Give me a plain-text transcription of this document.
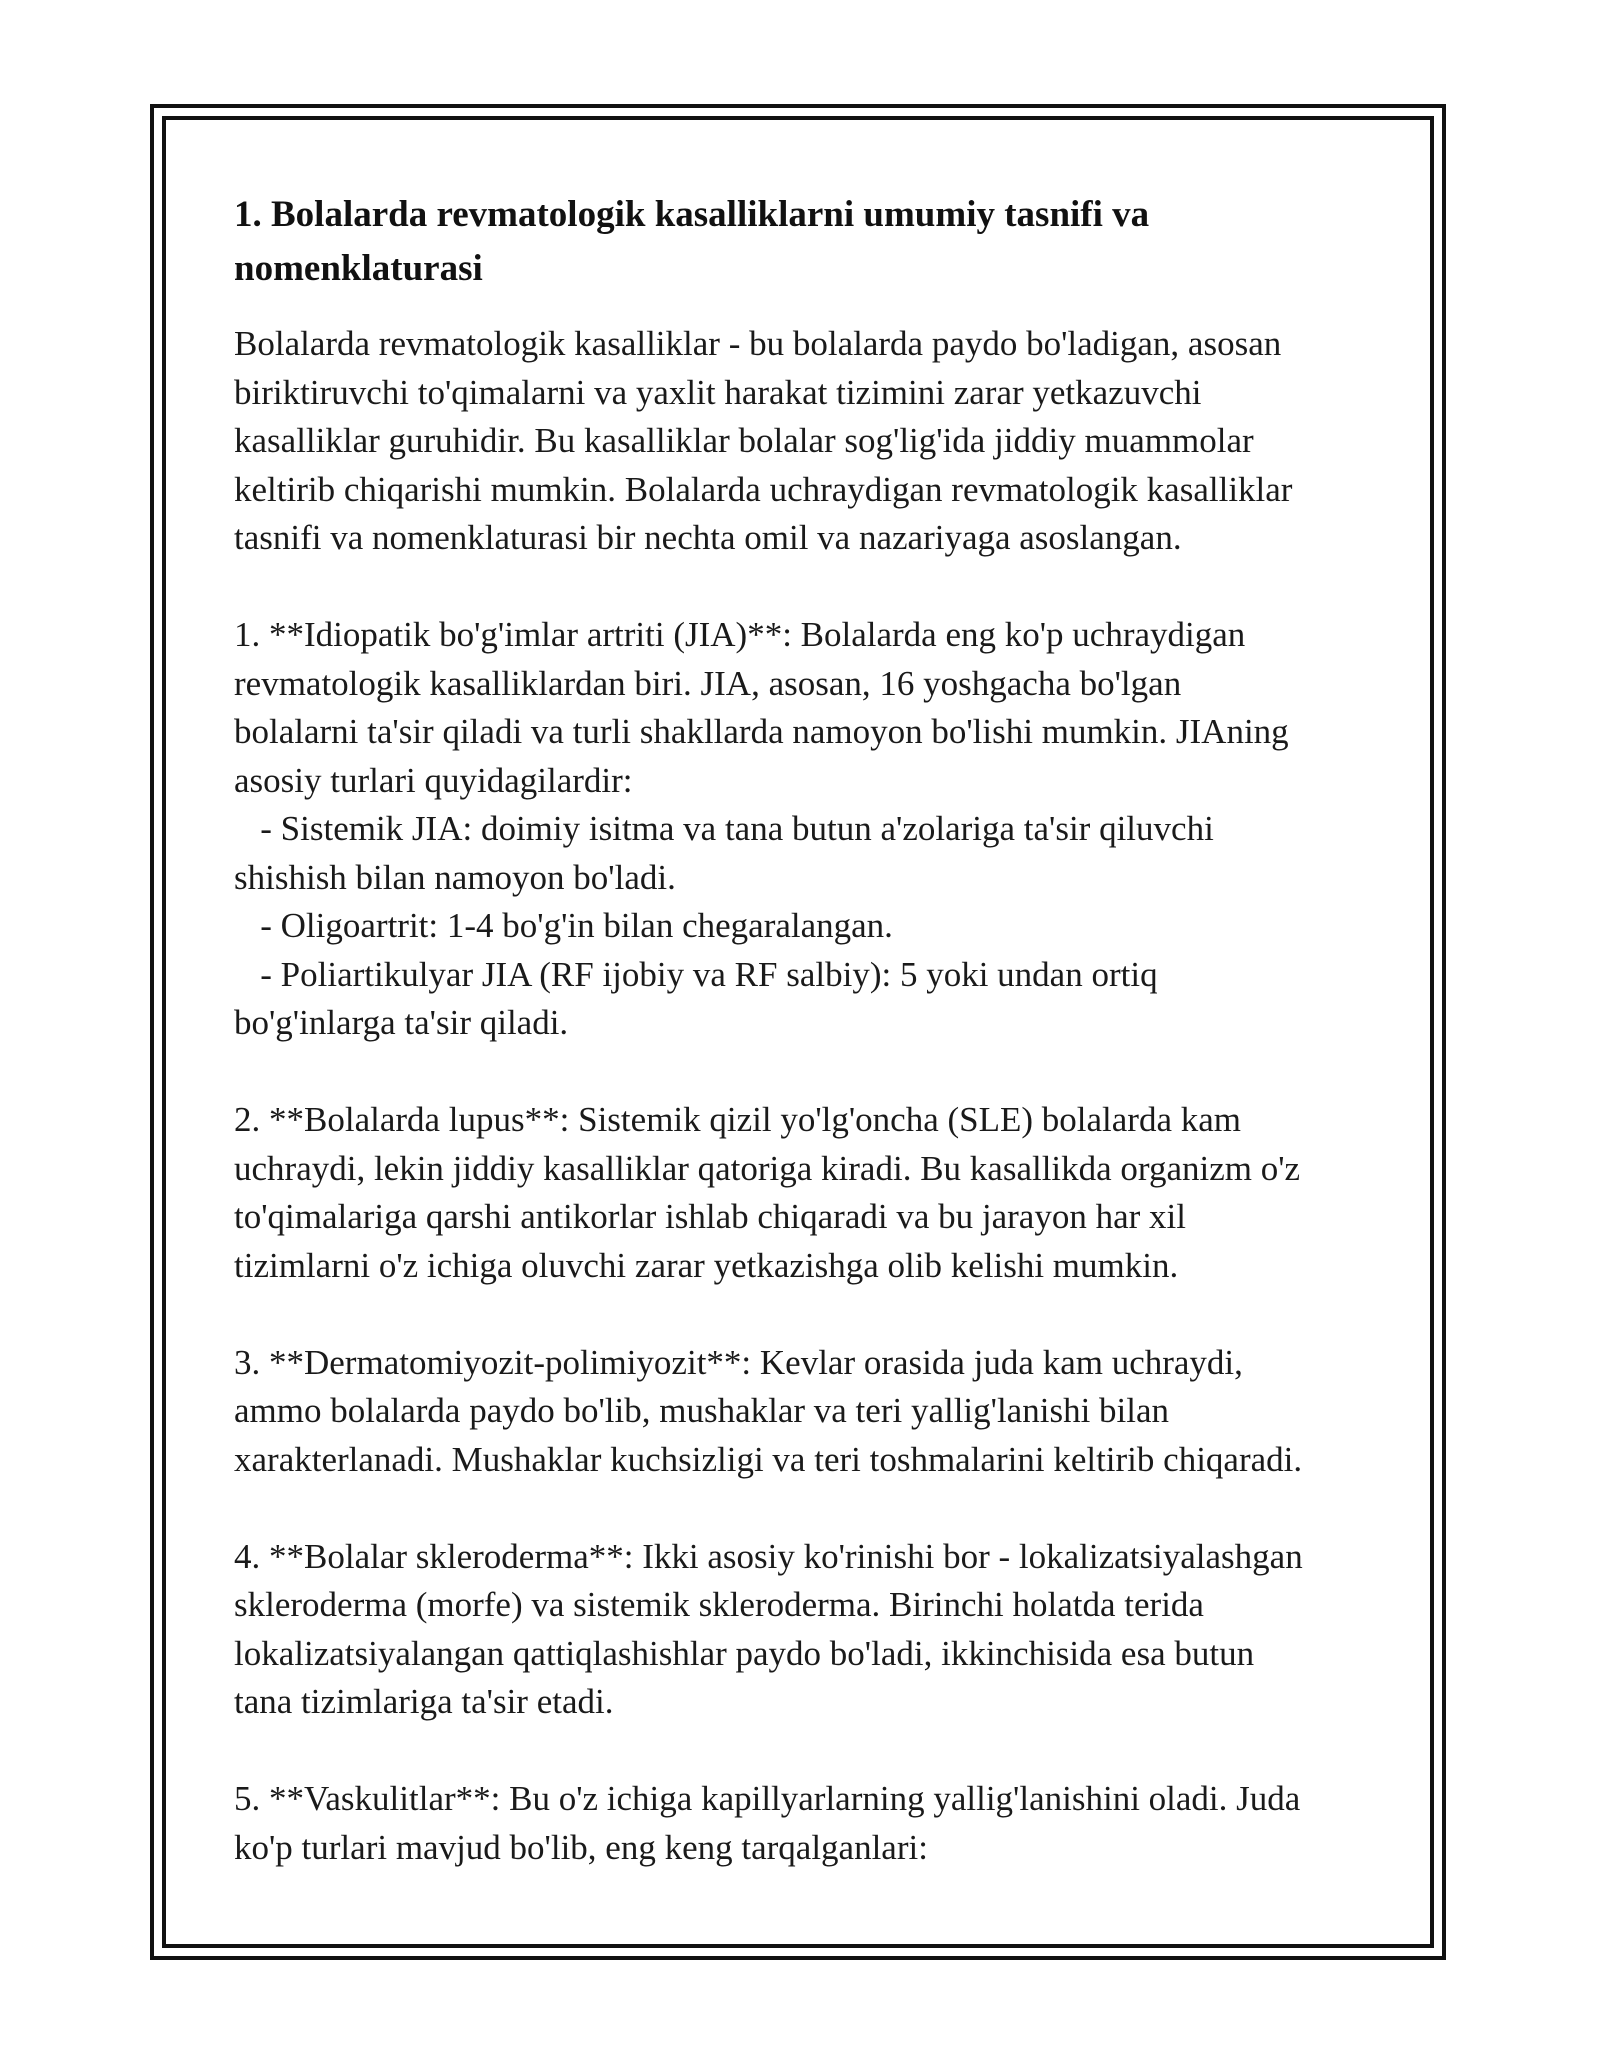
1. Bolalarda revmatologik kasalliklarni umumiy tasnifi va
nomenklaturasi

Bolalarda revmatologik kasalliklar - bu bolalarda paydo bo'ladigan, asosan
biriktiruvchi to'qimalarni va yaxlit harakat tizimini zarar yetkazuvchi
kasalliklar guruhidir. Bu kasalliklar bolalar sog'lig'ida jiddiy muammolar
keltirib chiqarishi mumkin. Bolalarda uchraydigan revmatologik kasalliklar
tasnifi va nomenklaturasi bir nechta omil va nazariyaga asoslangan.

1. **Idiopatik bo'g'imlar artriti (JIA)**: Bolalarda eng ko'p uchraydigan
revmatologik kasalliklardan biri. JIA, asosan, 16 yoshgacha bo'lgan
bolalarni ta'sir qiladi va turli shakllarda namoyon bo'lishi mumkin. JIAning
asosiy turlari quyidagilardir:
- Sistemik JIA: doimiy isitma va tana butun a'zolariga ta'sir qiluvchi
shishish bilan namoyon bo'ladi.
- Oligoartrit: 1-4 bo'g'in bilan chegaralangan.
- Poliartikulyar JIA (RF ijobiy va RF salbiy): 5 yoki undan ortiq
bo'g'inlarga ta'sir qiladi.

2. **Bolalarda lupus**: Sistemik qizil yo'lg'oncha (SLE) bolalarda kam
uchraydi, lekin jiddiy kasalliklar qatoriga kiradi. Bu kasallikda organizm o'z
to'qimalariga qarshi antikorlar ishlab chiqaradi va bu jarayon har xil
tizimlarni o'z ichiga oluvchi zarar yetkazishga olib kelishi mumkin.

3. **Dermatomiyozit-polimiyozit**: Kevlar orasida juda kam uchraydi,
ammo bolalarda paydo bo'lib, mushaklar va teri yallig'lanishi bilan
xarakterlanadi. Mushaklar kuchsizligi va teri toshmalarini keltirib chiqaradi.

4. **Bolalar skleroderma**: Ikki asosiy ko'rinishi bor - lokalizatsiyalashgan
skleroderma (morfe) va sistemik skleroderma. Birinchi holatda terida
lokalizatsiyalangan qattiqlashishlar paydo bo'ladi, ikkinchisida esa butun
tana tizimlariga ta'sir etadi.

5. **Vaskulitlar**: Bu o'z ichiga kapillyarlarning yallig'lanishini oladi. Juda
ko'p turlari mavjud bo'lib, eng keng tarqalganlari:
